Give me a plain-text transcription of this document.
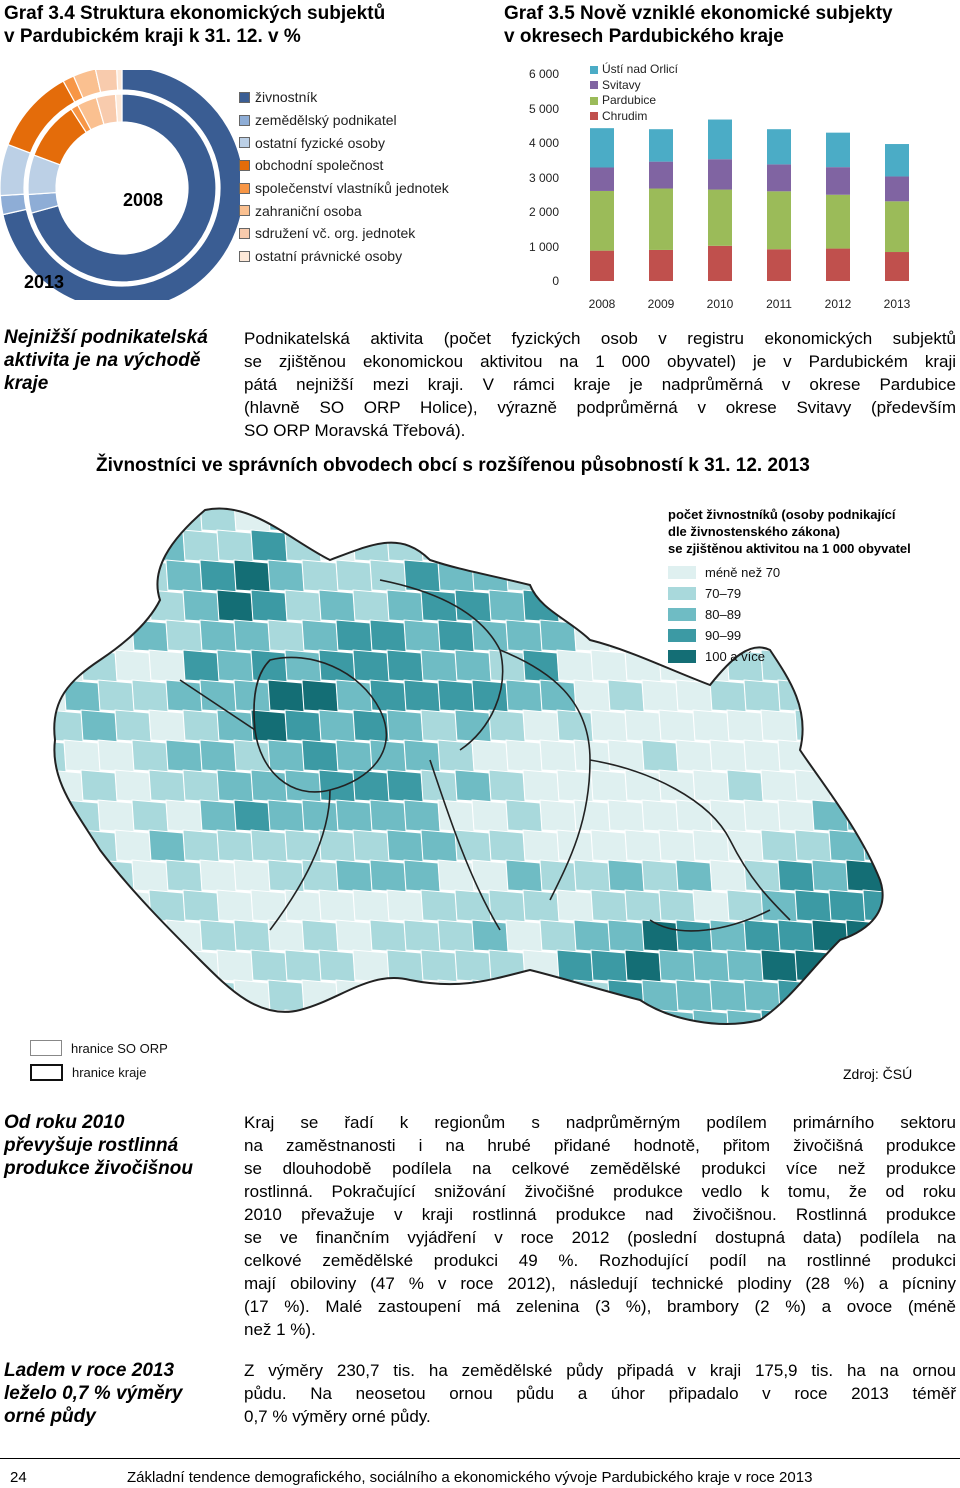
Graf 3.4 Struktura ekonomických subjektů
v Pardubickém kraji k 31. 12. v %
2008
2013
živnostník
zemědělský podnikatel
ostatní fyzické osoby
obchodní společnost
společenství vlastníků jednotek
zahraniční osoba
sdružení vč. org. jednotek
ostatní právnické osoby
Graf 3.5 Nově vzniklé ekonomické subjekty
v okresech Pardubického kraje
6 000
5 000
4 000
3 000
2 000
1 000
0
Ústí nad Orlicí
Svitavy
Pardubice
Chrudim
2008	2009	2010	2011	2012	2013
Nejnižší podnikatelská
aktivita je na východě
kraje
Podnikatelská aktivita (počet fyzických osob v registru ekonomických subjektů
se zjištěnou ekonomickou aktivitou na 1 000 obyvatel) je v Pardubickém kraji
pátá nejnižší mezi kraji. V rámci kraje je nadprůměrná v okrese Pardubice
(hlavně SO ORP Holice), výrazně podprůměrná v okrese Svitavy (především
SO ORP Moravská Třebová).
Živnostníci ve správních obvodech obcí s rozšířenou působností k 31. 12. 2013
počet živnostníků (osoby podnikající
dle živnostenského zákona)
se zjištěnou aktivitou na 1 000 obyvatel
méně než 70
70–79
80–89
90–99
100 a více
hranice SO ORP
hranice kraje	Zdroj: ČSÚ
Od roku 2010
převyšuje rostlinná
produkce živočišnou
Kraj se řadí k regionům s nadprůměrným podílem primárního sektoru
na zaměstnanosti i na hrubé přidané hodnotě, přitom živočišná produkce
se dlouhodobě podílela na celkové zemědělské produkci více než produkce
rostlinná. Pokračující snižování živočišné produkce vedlo k tomu, že od roku
2010 převažuje v kraji rostlinná produkce nad živočišnou. Rostlinná produkce
se ve finančním vyjádření v roce 2012 (poslední dostupná data) podílela na
celkové zemědělské produkci 49 %. Rozhodující podíl na rostlinné produkci
mají obiloviny (47 % v roce 2012), následují technické plodiny (28 %) a pícniny
(17 %). Malé zastoupení má zelenina (3 %), brambory (2 %) a ovoce (méně
než 1 %).
Ladem v roce 2013
leželo 0,7 % výměry
orné půdy
Z výměry 230,7 tis. ha zemědělské půdy připadá v kraji 175,9 tis. ha na ornou
půdu. Na neosetou ornou půdu a úhor připadalo v roce 2013 téměř
0,7 % výměry orné půdy.
24	Základní tendence demografického, sociálního a ekonomického vývoje Pardubického kraje v roce 2013
